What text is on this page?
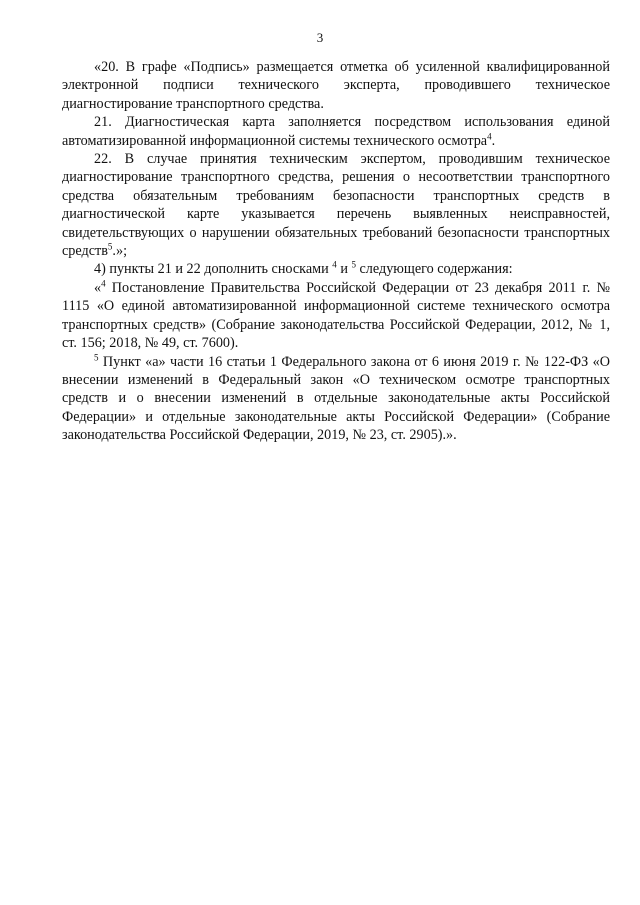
3

«20. В графе «Подпись» размещается отметка об усиленной квалифицированной электронной подписи технического эксперта, проводившего техническое диагностирование транспортного средства.

21. Диагностическая карта заполняется посредством использования единой автоматизированной информационной системы технического осмотра$^4$.

22. В случае принятия техническим экспертом, проводившим техническое диагностирование транспортного средства, решения о несоответствии транспортного средства обязательным требованиям безопасности транспортных средств в диагностической карте указывается перечень выявленных неисправностей, свидетельствующих о нарушении обязательных требований безопасности транспортных средств$^5$.»;

4) пункты 21 и 22 дополнить сносками $^4$ и $^5$ следующего содержания:

«$^4$ Постановление Правительства Российской Федерации от 23 декабря 2011 г. № 1115 «О единой автоматизированной информационной системе технического осмотра транспортных средств» (Собрание законодательства Российской Федерации, 2012, № 1, ст. 156; 2018, № 49, ст. 7600).

$^5$ Пункт «а» части 16 статьи 1 Федерального закона от 6 июня 2019 г. № 122-ФЗ «О внесении изменений в Федеральный закон «О техническом осмотре транспортных средств и о внесении изменений в отдельные законодательные акты Российской Федерации» и отдельные законодательные акты Российской Федерации» (Собрание законодательства Российской Федерации, 2019, № 23, ст. 2905).».
